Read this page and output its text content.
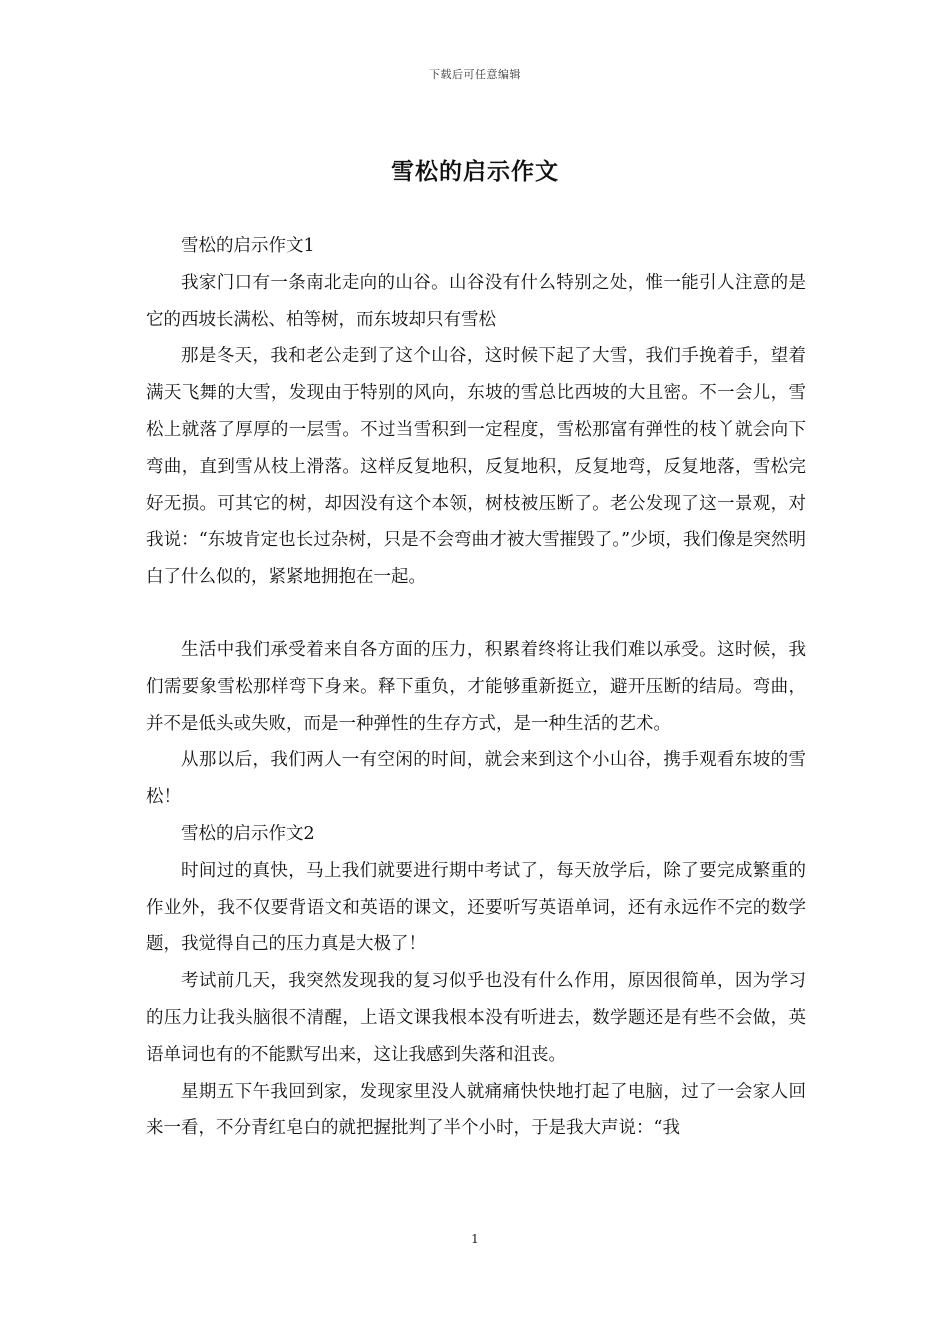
下载后可任意编辑
雪松的启示作文

雪松的启示作文1

我家门口有一条南北走向的山谷。山谷没有什么特别之处，惟一能引人注意的是它的西坡长满松、柏等树，而东坡却只有雪松

那是冬天，我和老公走到了这个山谷，这时候下起了大雪，我们手挽着手，望着满天飞舞的大雪，发现由于特别的风向，东坡的雪总比西坡的大且密。不一会儿，雪松上就落了厚厚的一层雪。不过当雪积到一定程度，雪松那富有弹性的枝丫就会向下弯曲，直到雪从枝上滑落。这样反复地积，反复地积，反复地弯，反复地落，雪松完好无损。可其它的树，却因没有这个本领，树枝被压断了。老公发现了这一景观，对我说：“东坡肯定也长过杂树，只是不会弯曲才被大雪摧毁了。”少顷，我们像是突然明白了什么似的，紧紧地拥抱在一起。

生活中我们承受着来自各方面的压力，积累着终将让我们难以承受。这时候，我们需要象雪松那样弯下身来。释下重负，才能够重新挺立，避开压断的结局。弯曲，并不是低头或失败，而是一种弹性的生存方式，是一种生活的艺术。

从那以后，我们两人一有空闲的时间，就会来到这个小山谷，携手观看东坡的雪松！

雪松的启示作文2

时间过的真快，马上我们就要进行期中考试了，每天放学后，除了要完成繁重的作业外，我不仅要背语文和英语的课文，还要听写英语单词，还有永远作不完的数学题，我觉得自己的压力真是大极了！

考试前几天，我突然发现我的复习似乎也没有什么作用，原因很简单，因为学习的压力让我头脑很不清醒，上语文课我根本没有听进去，数学题还是有些不会做，英语单词也有的不能默写出来，这让我感到失落和沮丧。

星期五下午我回到家，发现家里没人就痛痛快快地打起了电脑，过了一会家人回来一看，不分青红皂白的就把握批判了半个小时，于是我大声说：“我

1
